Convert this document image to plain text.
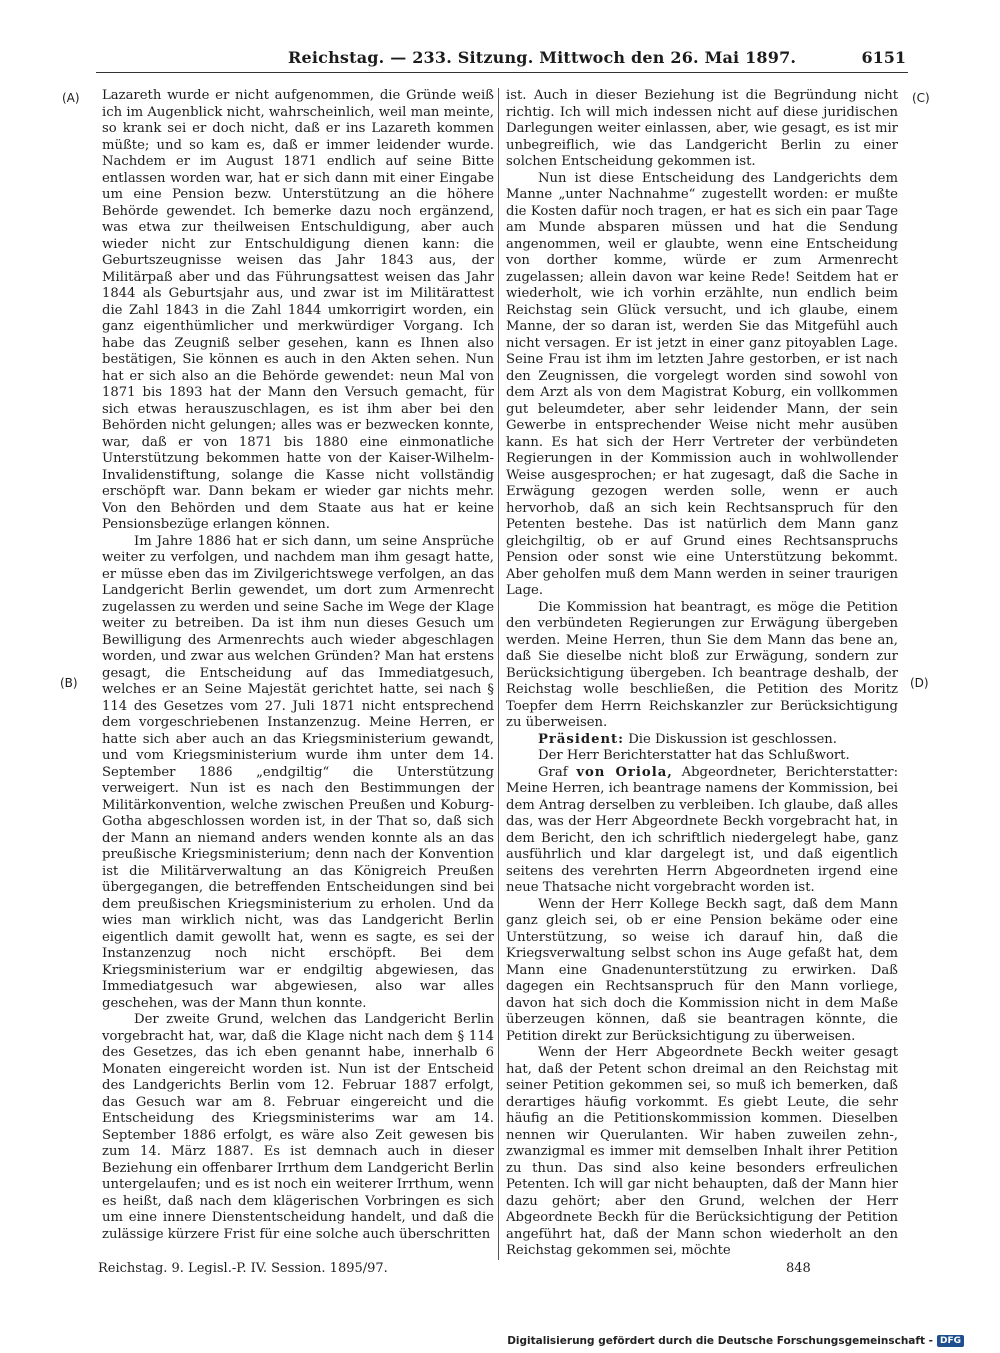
Reichstag. — 233. Sitzung. Mittwoch den 26. Mai 1897.	6151
(A)
(B)
(C)
(D)

Lazareth wurde er nicht aufgenommen, die Gründe weiß ich im Augenblick nicht, wahrscheinlich, weil man meinte, so krank sei er doch nicht, daß er ins Lazareth kommen müßte; und so kam es, daß er immer leidender wurde. Nachdem er im August 1871 endlich auf seine Bitte entlassen worden war, hat er sich dann mit einer Eingabe um eine Pension bezw. Unterstützung an die höhere Behörde gewendet. Ich bemerke dazu noch ergänzend, was etwa zur theilweisen Entschuldigung, aber auch wieder nicht zur Entschuldigung dienen kann: die Geburtszeugnisse weisen das Jahr 1843 aus, der Militärpaß aber und das Führungsattest weisen das Jahr 1844 als Geburtsjahr aus, und zwar ist im Militärattest die Zahl 1843 in die Zahl 1844 umkorrigirt worden, ein ganz eigenthümlicher und merkwürdiger Vorgang. Ich habe das Zeugniß selber gesehen, kann es Ihnen also bestätigen, Sie können es auch in den Akten sehen. Nun hat er sich also an die Behörde gewendet: neun Mal von 1871 bis 1893 hat der Mann den Versuch gemacht, für sich etwas herauszuschlagen, es ist ihm aber bei den Behörden nicht gelungen; alles was er bezwecken konnte, war, daß er von 1871 bis 1880 eine einmonatliche Unterstützung bekommen hatte von der Kaiser-Wilhelm-Invalidenstiftung, solange die Kasse nicht vollständig erschöpft war. Dann bekam er wieder gar nichts mehr. Von den Behörden und dem Staate aus hat er keine Pensionsbezüge erlangen können.

Im Jahre 1886 hat er sich dann, um seine Ansprüche weiter zu verfolgen, und nachdem man ihm gesagt hatte, er müsse eben das im Zivilgerichtswege verfolgen, an das Landgericht Berlin gewendet, um dort zum Armenrecht zugelassen zu werden und seine Sache im Wege der Klage weiter zu betreiben. Da ist ihm nun dieses Gesuch um Bewilligung des Armenrechts auch wieder abgeschlagen worden, und zwar aus welchen Gründen? Man hat erstens gesagt, die Entscheidung auf das Immediatgesuch, welches er an Seine Majestät gerichtet hatte, sei nach § 114 des Gesetzes vom 27. Juli 1871 nicht entsprechend dem vorgeschriebenen Instanzenzug. Meine Herren, er hatte sich aber auch an das Kriegsministerium gewandt, und vom Kriegsministerium wurde ihm unter dem 14. September 1886 „endgiltig“ die Unterstützung verweigert. Nun ist es nach den Bestimmungen der Militärkonvention, welche zwischen Preußen und Koburg-Gotha abgeschlossen worden ist, in der That so, daß sich der Mann an niemand anders wenden konnte als an das preußische Kriegsministerium; denn nach der Konvention ist die Militärverwaltung an das Königreich Preußen übergegangen, die betreffenden Entscheidungen sind bei dem preußischen Kriegsministerium zu erholen. Und da wies man wirklich nicht, was das Landgericht Berlin eigentlich damit gewollt hat, wenn es sagte, es sei der Instanzenzug noch nicht erschöpft. Bei dem Kriegsministerium war er endgiltig abgewiesen, das Immediatgesuch war abgewiesen, also war alles geschehen, was der Mann thun konnte.

Der zweite Grund, welchen das Landgericht Berlin vorgebracht hat, war, daß die Klage nicht nach dem § 114 des Gesetzes, das ich eben genannt habe, innerhalb 6 Monaten eingereicht worden ist. Nun ist der Entscheid des Landgerichts Berlin vom 12. Februar 1887 erfolgt, das Gesuch war am 8. Februar eingereicht und die Entscheidung des Kriegsministerims war am 14. September 1886 erfolgt, es wäre also Zeit gewesen bis zum 14. März 1887. Es ist demnach auch in dieser Beziehung ein offenbarer Irrthum dem Landgericht Berlin untergelaufen; und es ist noch ein weiterer Irrthum, wenn es heißt, daß nach dem klägerischen Vorbringen es sich um eine innere Dienstentscheidung handelt, und daß die zulässige kürzere Frist für eine solche auch überschritten

ist. Auch in dieser Beziehung ist die Begründung nicht richtig. Ich will mich indessen nicht auf diese juridischen Darlegungen weiter einlassen, aber, wie gesagt, es ist mir unbegreiflich, wie das Landgericht Berlin zu einer solchen Entscheidung gekommen ist.

Nun ist diese Entscheidung des Landgerichts dem Manne „unter Nachnahme“ zugestellt worden: er mußte die Kosten dafür noch tragen, er hat es sich ein paar Tage am Munde absparen müssen und hat die Sendung angenommen, weil er glaubte, wenn eine Entscheidung von dorther komme, würde er zum Armenrecht zugelassen; allein davon war keine Rede! Seitdem hat er wiederholt, wie ich vorhin erzählte, nun endlich beim Reichstag sein Glück versucht, und ich glaube, einem Manne, der so daran ist, werden Sie das Mitgefühl auch nicht versagen. Er ist jetzt in einer ganz pitoyablen Lage. Seine Frau ist ihm im letzten Jahre gestorben, er ist nach den Zeugnissen, die vorgelegt worden sind sowohl von dem Arzt als von dem Magistrat Koburg, ein vollkommen gut beleumdeter, aber sehr leidender Mann, der sein Gewerbe in entsprechender Weise nicht mehr ausüben kann. Es hat sich der Herr Vertreter der verbündeten Regierungen in der Kommission auch in wohlwollender Weise ausgesprochen; er hat zugesagt, daß die Sache in Erwägung gezogen werden solle, wenn er auch hervorhob, daß an sich kein Rechtsanspruch für den Petenten bestehe. Das ist natürlich dem Mann ganz gleichgiltig, ob er auf Grund eines Rechtsanspruchs Pension oder sonst wie eine Unterstützung bekommt. Aber geholfen muß dem Mann werden in seiner traurigen Lage.

Die Kommission hat beantragt, es möge die Petition den verbündeten Regierungen zur Erwägung übergeben werden. Meine Herren, thun Sie dem Mann das bene an, daß Sie dieselbe nicht bloß zur Erwägung, sondern zur Berücksichtigung übergeben. Ich beantrage deshalb, der Reichstag wolle beschließen, die Petition des Moritz Toepfer dem Herrn Reichskanzler zur Berücksichtigung zu überweisen.

Präsident: Die Diskussion ist geschlossen.

Der Herr Berichterstatter hat das Schlußwort.

Graf von Oriola, Abgeordneter, Berichterstatter: Meine Herren, ich beantrage namens der Kommission, bei dem Antrag derselben zu verbleiben. Ich glaube, daß alles das, was der Herr Abgeordnete Beckh vorgebracht hat, in dem Bericht, den ich schriftlich niedergelegt habe, ganz ausführlich und klar dargelegt ist, und daß eigentlich seitens des verehrten Herrn Abgeordneten irgend eine neue Thatsache nicht vorgebracht worden ist.

Wenn der Herr Kollege Beckh sagt, daß dem Mann ganz gleich sei, ob er eine Pension bekäme oder eine Unterstützung, so weise ich darauf hin, daß die Kriegsverwaltung selbst schon ins Auge gefaßt hat, dem Mann eine Gnadenunterstützung zu erwirken. Daß dagegen ein Rechtsanspruch für den Mann vorliege, davon hat sich doch die Kommission nicht in dem Maße überzeugen können, daß sie beantragen könnte, die Petition direkt zur Berücksichtigung zu überweisen.

Wenn der Herr Abgeordnete Beckh weiter gesagt hat, daß der Petent schon dreimal an den Reichstag mit seiner Petition gekommen sei, so muß ich bemerken, daß derartiges häufig vorkommt. Es giebt Leute, die sehr häufig an die Petitionskommission kommen. Dieselben nennen wir Querulanten. Wir haben zuweilen zehn-, zwanzigmal es immer mit demselben Inhalt ihrer Petition zu thun. Das sind also keine besonders erfreulichen Petenten. Ich will gar nicht behaupten, daß der Mann hier dazu gehört; aber den Grund, welchen der Herr Abgeordnete Beckh für die Berücksichtigung der Petition angeführt hat, daß der Mann schon wiederholt an den Reichstag gekommen sei, möchte

Reichstag. 9. Legisl.-P. IV. Session. 1895/97.	848
Digitalisierung gefördert durch die Deutsche Forschungsgemeinschaft - DFG
